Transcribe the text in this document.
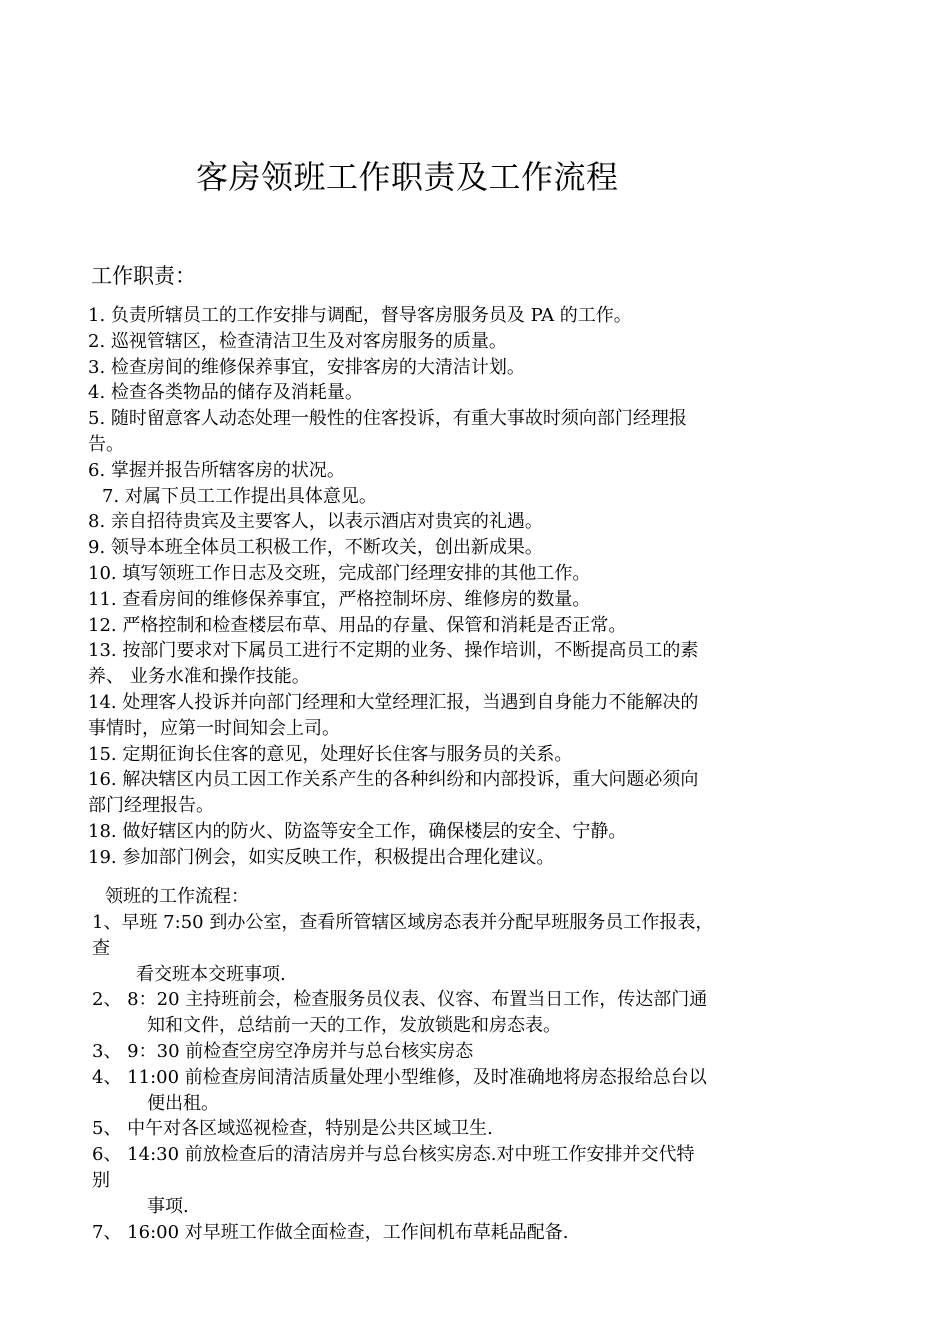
客房领班工作职责及工作流程
工作职责：
1. 负责所辖员工的工作安排与调配，督导客房服务员及 PA 的工作。
2. 巡视管辖区，检查清洁卫生及对客房服务的质量。
3. 检查房间的维修保养事宜，安排客房的大清洁计划。
4. 检查各类物品的储存及消耗量。
5. 随时留意客人动态处理一般性的住客投诉，有重大事故时须向部门经理报
告。
6. 掌握并报告所辖客房的状况。
7. 对属下员工工作提出具体意见。
8. 亲自招待贵宾及主要客人，以表示酒店对贵宾的礼遇。
9. 领导本班全体员工积极工作，不断攻关，创出新成果。
10. 填写领班工作日志及交班，完成部门经理安排的其他工作。
11. 查看房间的维修保养事宜，严格控制坏房、维修房的数量。
12. 严格控制和检查楼层布草、用品的存量、保管和消耗是否正常。
13. 按部门要求对下属员工进行不定期的业务、操作培训，不断提高员工的素
养、 业务水准和操作技能。
14. 处理客人投诉并向部门经理和大堂经理汇报，当遇到自身能力不能解决的
事情时，应第一时间知会上司。
15. 定期征询长住客的意见，处理好长住客与服务员的关系。
16. 解决辖区内员工因工作关系产生的各种纠纷和内部投诉，重大问题必须向
部门经理报告。
18. 做好辖区内的防火、防盗等安全工作，确保楼层的安全、宁静。
19. 参加部门例会，如实反映工作，积极提出合理化建议。
领班的工作流程：
1、早班 7:50 到办公室，查看所管辖区域房态表并分配早班服务员工作报表，
查
看交班本交班事项.
2、 8：20 主持班前会，检查服务员仪表、仪容、布置当日工作，传达部门通
知和文件，总结前一天的工作，发放锁匙和房态表。
3、 9：30 前检查空房空净房并与总台核实房态
4、 11:00 前检查房间清洁质量处理小型维修，及时准确地将房态报给总台以
便出租。
5、 中午对各区域巡视检查，特别是公共区域卫生.
6、 14:30 前放检查后的清洁房并与总台核实房态.对中班工作安排并交代特
别
事项.
7、 16:00 对早班工作做全面检查，工作间机布草耗品配备.
